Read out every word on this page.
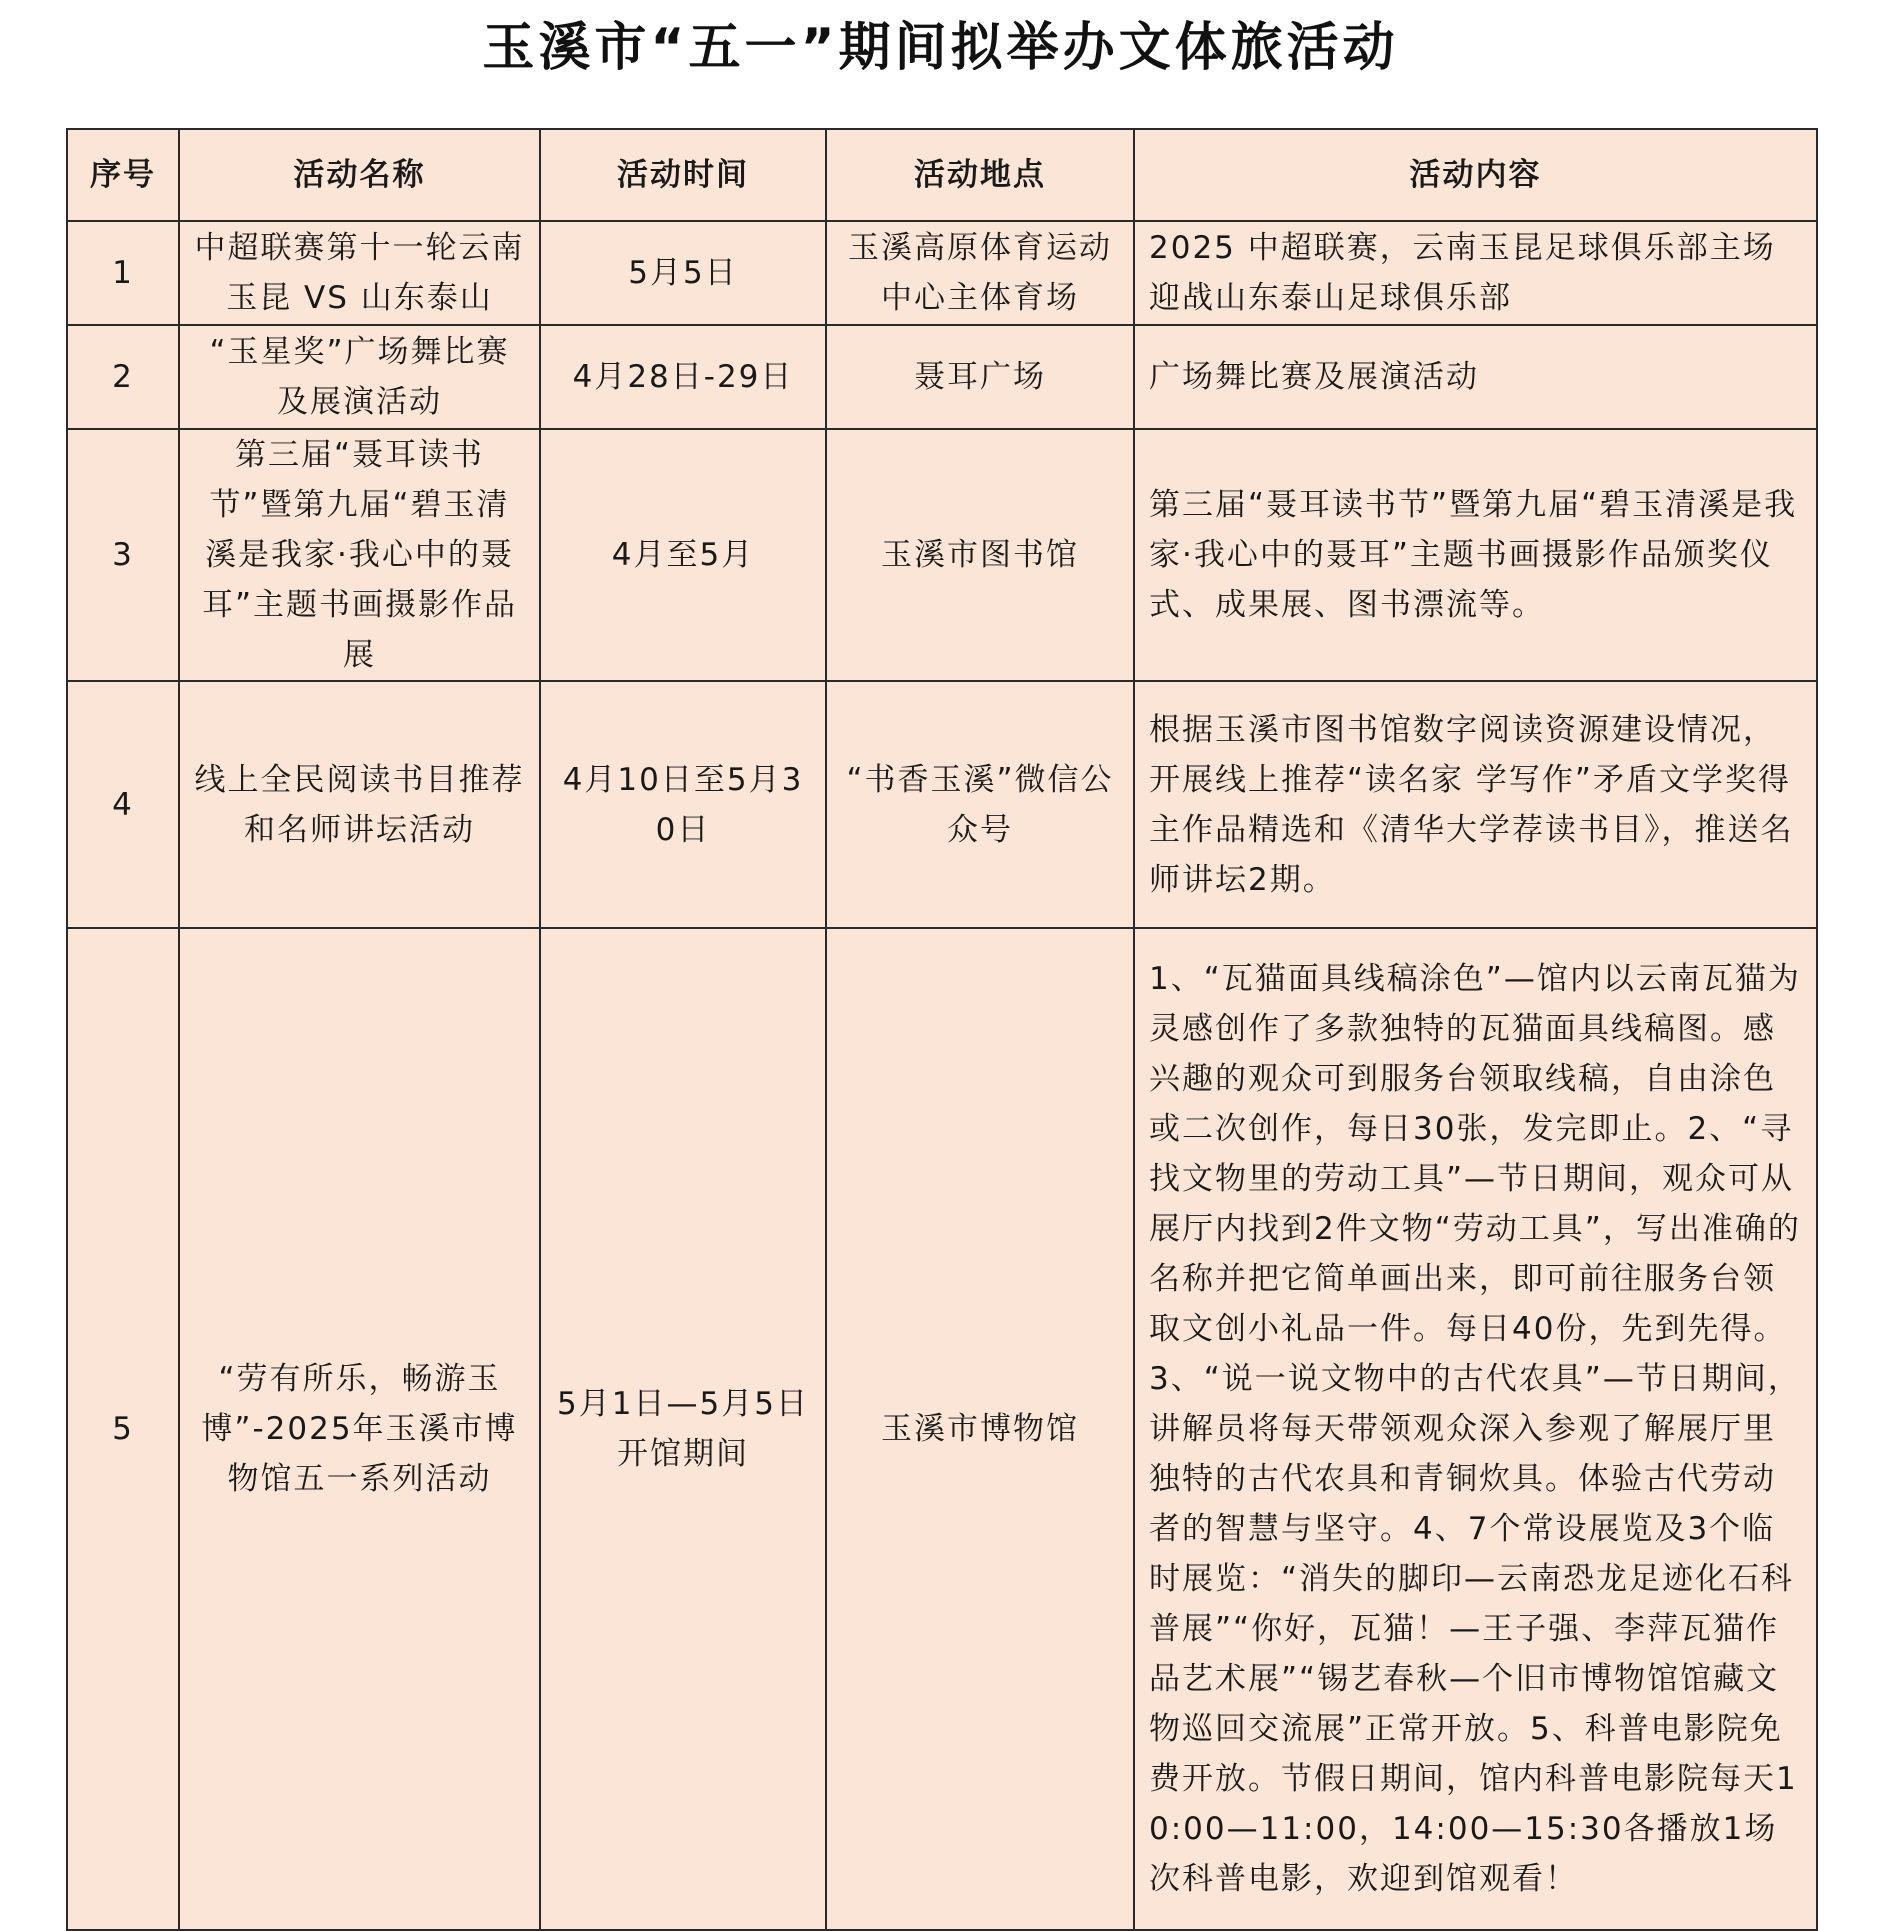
玉溪市“五一”期间拟举办文体旅活动
序号	活动名称	活动时间	活动地点	活动内容
1	中超联赛第十一轮云南玉昆 VS 山东泰山	5月5日	玉溪高原体育运动中心主体育场	2025 中超联赛，云南玉昆足球俱乐部主场迎战山东泰山足球俱乐部
2	“玉星奖”广场舞比赛及展演活动	4月28日-29日	聂耳广场	广场舞比赛及展演活动
3	第三届“聂耳读书节”暨第九届“碧玉清溪是我家·我心中的聂耳”主题书画摄影作品展	4月至5月	玉溪市图书馆	第三届“聂耳读书节”暨第九届“碧玉清溪是我家·我心中的聂耳”主题书画摄影作品颁奖仪式、成果展、图书漂流等。
4	线上全民阅读书目推荐和名师讲坛活动	4月10日至5月30日	“书香玉溪”微信公众号	根据玉溪市图书馆数字阅读资源建设情况，开展线上推荐“读名家 学写作”矛盾文学奖得主作品精选和《清华大学荐读书目》，推送名师讲坛2期。
5	“劳有所乐，畅游玉博”-2025年玉溪市博物馆五一系列活动	5月1日—5月5日开馆期间	玉溪市博物馆	1、“瓦猫面具线稿涂色”—馆内以云南瓦猫为灵感创作了多款独特的瓦猫面具线稿图。感兴趣的观众可到服务台领取线稿，自由涂色或二次创作，每日30张，发完即止。2、“寻找文物里的劳动工具”—节日期间，观众可从展厅内找到2件文物“劳动工具”，写出准确的名称并把它简单画出来，即可前往服务台领取文创小礼品一件。每日40份，先到先得。3、“说一说文物中的古代农具”—节日期间，讲解员将每天带领观众深入参观了解展厅里独特的古代农具和青铜炊具。体验古代劳动者的智慧与坚守。4、7个常设展览及3个临时展览：“消失的脚印—云南恐龙足迹化石科普展”“你好，瓦猫！—王子强、李萍瓦猫作品艺术展”“锡艺春秋—个旧市博物馆馆藏文物巡回交流展”正常开放。5、科普电影院免费开放。节假日期间，馆内科普电影院每天10:00—11:00，14:00—15:30各播放1场次科普电影，欢迎到馆观看！
